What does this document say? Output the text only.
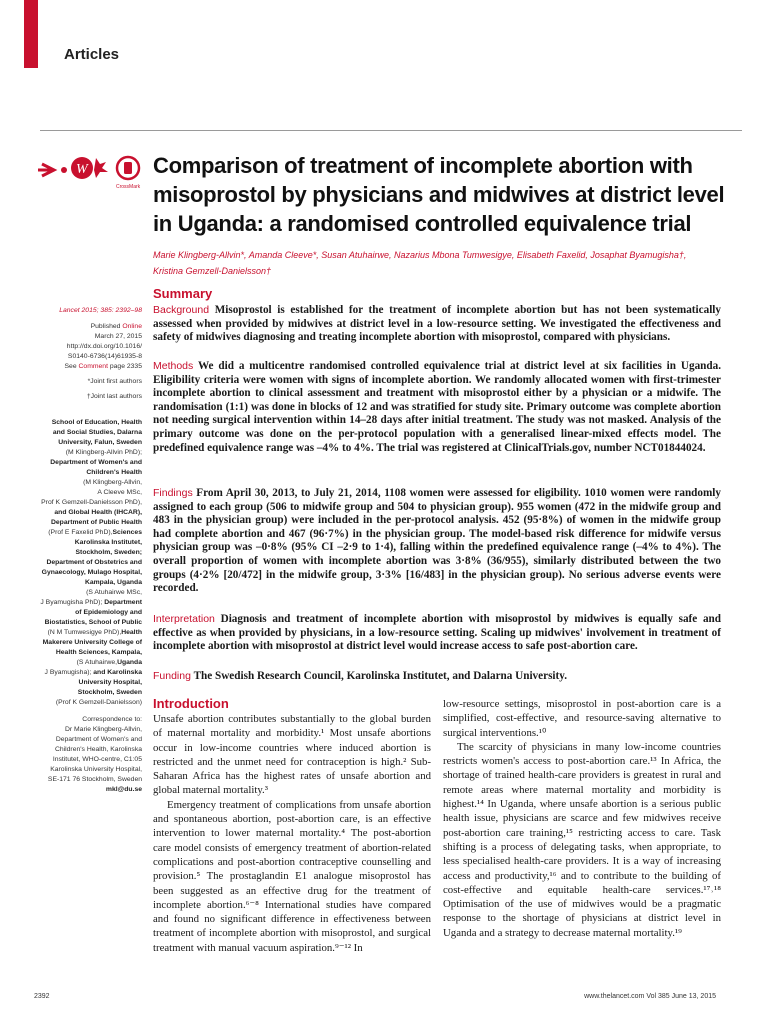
Articles
W
CrossMark
Comparison of treatment of incomplete abortion with misoprostol by physicians and midwives at district level in Uganda: a randomised controlled equivalence trial
Marie Klingberg-Allvin*, Amanda Cleeve*, Susan Atuhairwe, Nazarius Mbona Tumwesigye, Elisabeth Faxelid, Josaphat Byamugisha†,
Kristina Gemzell-Danielsson†
Summary
Lancet 2015; 385: 2392–98
Published Online
March 27, 2015
http://dx.doi.org/10.1016/
S0140-6736(14)61935-8
See Comment page 2335
*Joint first authors
†Joint last authors
School of Education, Health
and Social Studies, Dalarna
University, Falun, Sweden
(M Klingberg-Allvin PhD);
Department of Women's and
Children's Health
(M Klingberg-Allvin,
A Cleeve MSc,
Prof K Gemzell-Danielsson PhD),
and Global Health (IHCAR),
Department of Public Health
(Prof E Faxelid PhD),Sciences
Karolinska Institutet,
Stockholm, Sweden;
Department of Obstetrics and
Gynaecology, Mulago Hospital,
Kampala, Uganda
(S Atuhairwe MSc,
J Byamugisha PhD); Department
of Epidemiology and
Biostatistics, School of Public
(N M Tumwesigye PhD),Health
Makerere University College of
Health Sciences, Kampala,
(S Atuhairwe,Uganda
J Byamugisha); and Karolinska
University Hospital,
Stockholm, Sweden
(Prof K Gemzell-Danielsson)
Correspondence to:
Dr Marie Klingberg-Allvin,
Department of Women's and
Children's Health, Karolinska
Institutet, WHO-centre, C1:05
Karolinska University Hospital,
SE-171 76 Stockholm, Sweden
mkl@du.se
Background Misoprostol is established for the treatment of incomplete abortion but has not been systematically assessed when provided by midwives at district level in a low-resource setting. We investigated the effectiveness and safety of midwives diagnosing and treating incomplete abortion with misoprostol, compared with physicians.
Methods We did a multicentre randomised controlled equivalence trial at district level at six facilities in Uganda. Eligibility criteria were women with signs of incomplete abortion. We randomly allocated women with first-trimester incomplete abortion to clinical assessment and treatment with misoprostol either by a physician or a midwife. The randomisation (1:1) was done in blocks of 12 and was stratified for study site. Primary outcome was complete abortion not needing surgical intervention within 14–28 days after initial treatment. The study was not masked. Analysis of the primary outcome was done on the per-protocol population with a generalised linear-mixed effects model. The predefined equivalence range was –4% to 4%. The trial was registered at ClinicalTrials.gov, number NCT01844024.
Findings From April 30, 2013, to July 21, 2014, 1108 women were assessed for eligibility. 1010 women were randomly assigned to each group (506 to midwife group and 504 to physician group). 955 women (472 in the midwife group and 483 in the physician group) were included in the per-protocol analysis. 452 (95·8%) of women in the midwife group had complete abortion and 467 (96·7%) in the physician group. The model-based risk difference for midwife versus physician group was –0·8% (95% CI –2·9 to 1·4), falling within the predefined equivalence range (–4% to 4%). The overall proportion of women with incomplete abortion was 3·8% (36/955), similarly distributed between the two groups (4·2% [20/472] in the midwife group, 3·3% [16/483] in the physician group). No serious adverse events were recorded.
Interpretation Diagnosis and treatment of incomplete abortion with misoprostol by midwives is equally safe and effective as when provided by physicians, in a low-resource setting. Scaling up midwives' involvement in treatment of incomplete abortion with misoprostol at district level would increase access to safe post-abortion care.
Funding The Swedish Research Council, Karolinska Institutet, and Dalarna University.
Introduction

Unsafe abortion contributes substantially to the global burden of maternal mortality and morbidity.¹ Most unsafe abortions occur in low-income countries where induced abortion is restricted and the unmet need for contraception is high.² Sub-Saharan Africa has the highest rates of unsafe abortion and global maternal mortality.³

Emergency treatment of complications from unsafe abortion and spontaneous abortion, post-abortion care, is an effective intervention to lower maternal mortality.⁴ The post-abortion care model consists of emergency treatment of abortion-related complications and post-abortion contraceptive counselling and provision.⁵ The prostaglandin E1 analogue misoprostol has been suggested as an effective drug for the treatment of incomplete abortion.⁶⁻⁸ International studies have compared and found no significant difference in effectiveness between treatment of incomplete abortion with misoprostol, and surgical treatment with manual vacuum aspiration.⁹⁻¹² In

low-resource settings, misoprostol in post-abortion care is a simplified, cost-effective, and resource-saving alternative to surgical interventions.¹⁰

The scarcity of physicians in many low-income countries restricts women's access to post-abortion care.¹³ In Africa, the shortage of trained health-care providers is greatest in rural and remote areas where maternal mortality and morbidity is highest.¹⁴ In Uganda, where unsafe abortion is a serious public health issue, physicians are scarce and few midwives receive post-abortion care training,¹⁵ restricting access to care. Task shifting is a process of delegating tasks, when appropriate, to less specialised health-care providers. It is a way of increasing access and productivity,¹⁶ and to contribute to the building of cost-effective and equitable health-care services.¹⁷˒¹⁸ Optimisation of the use of midwives would be a pragmatic response to the shortage of physicians at district level in Uganda and a strategy to decrease maternal mortality.¹⁹

2392	www.thelancet.com Vol 385 June 13, 2015
